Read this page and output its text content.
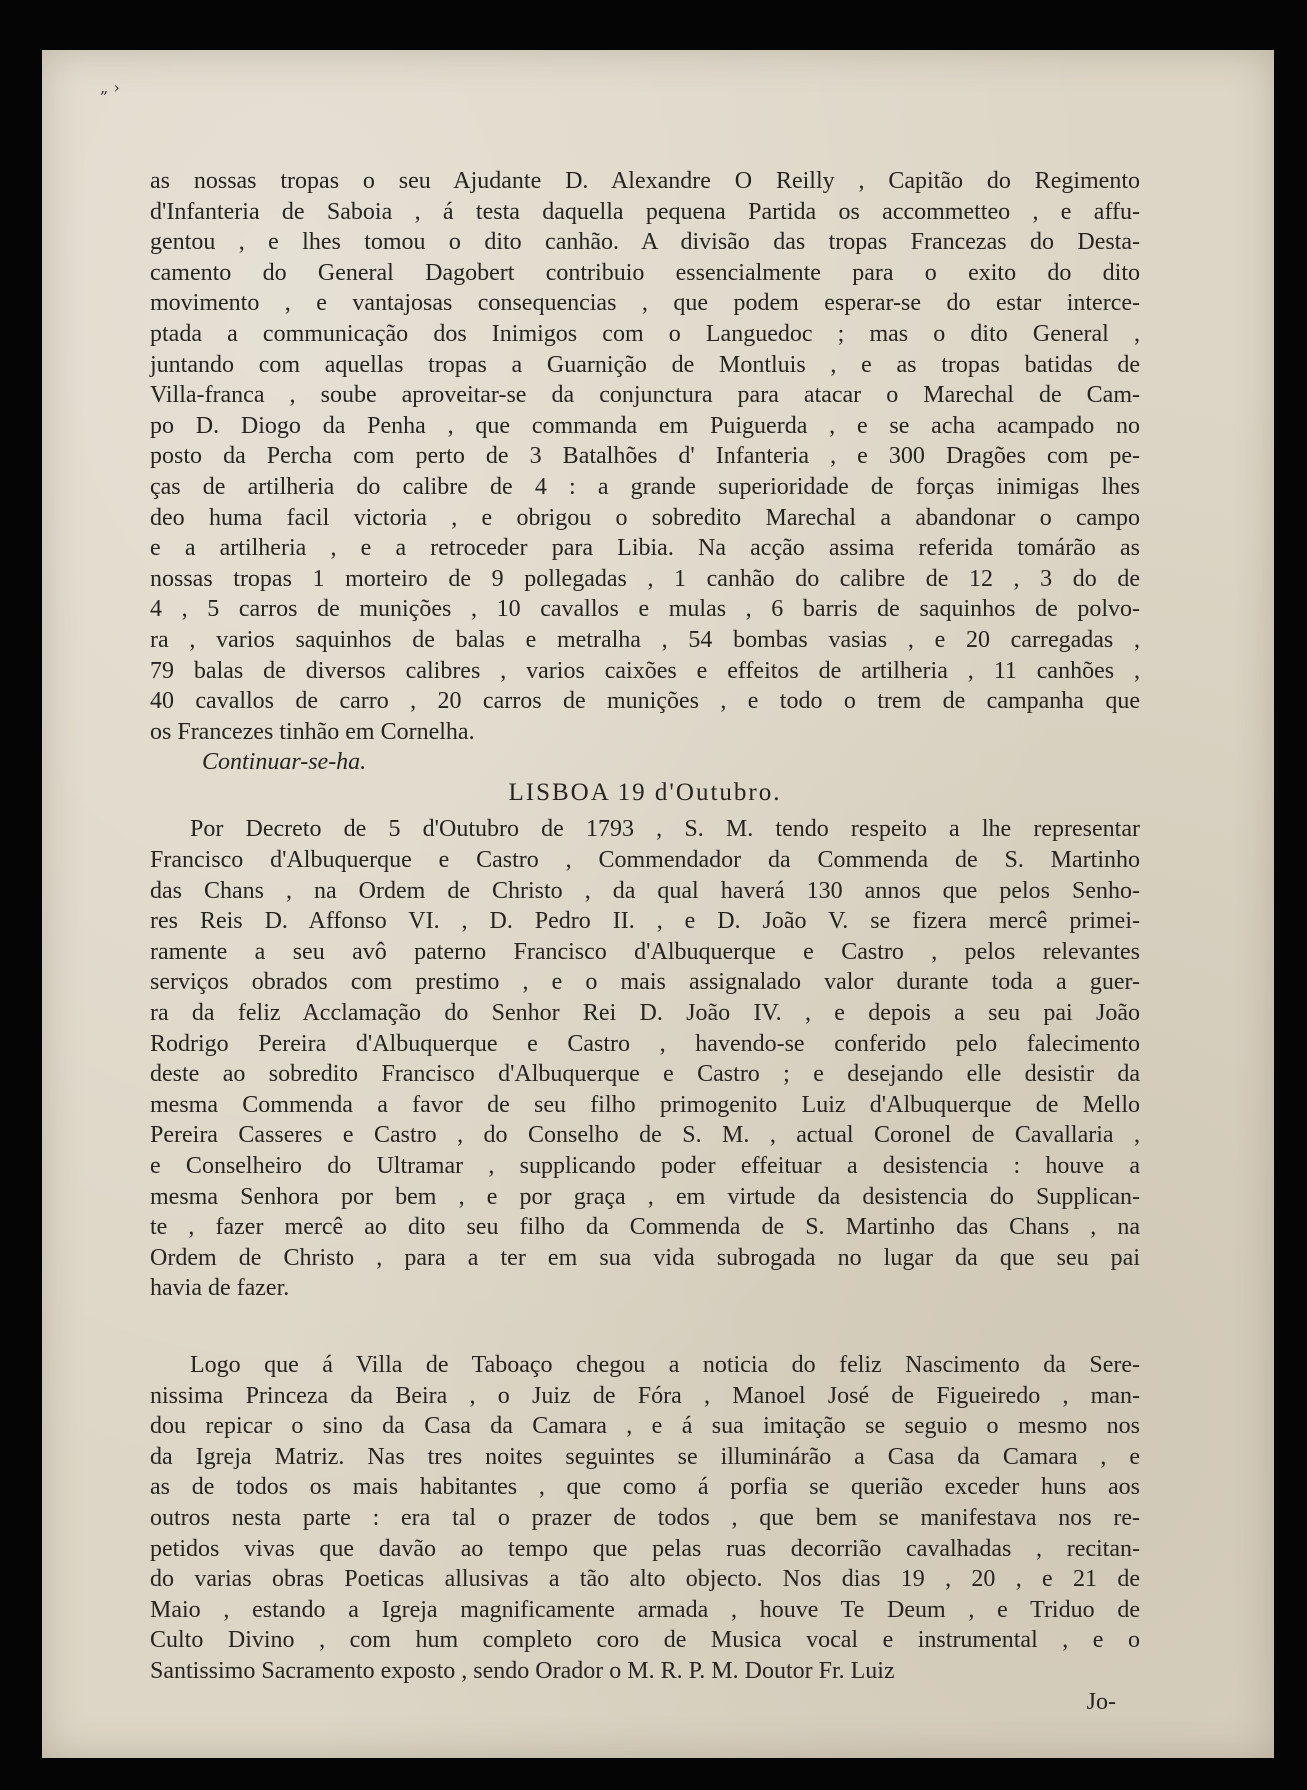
„ ›

as nossas tropas o seu Ajudante D. Alexandre O Reilly , Capitão do Regimento
d'Infanteria de Saboia , á testa daquella pequena Partida os accommetteo , e affu-
gentou , e lhes tomou o dito canhão. A divisão das tropas Francezas do Desta-
camento do General Dagobert contribuio essencialmente para o exito do dito
movimento , e vantajosas consequencias , que podem esperar-se do estar interce-
ptada a communicação dos Inimigos com o Languedoc ; mas o dito General ,
juntando com aquellas tropas a Guarnição de Montluis , e as tropas batidas de
Villa-franca , soube aproveitar-se da conjunctura para atacar o Marechal de Cam-
po D. Diogo da Penha , que commanda em Puiguerda , e se acha acampado no
posto da Percha com perto de 3 Batalhões d' Infanteria , e 300 Dragões com pe-
ças de artilheria do calibre de 4 : a grande superioridade de forças inimigas lhes
deo huma facil victoria , e obrigou o sobredito Marechal a abandonar o campo
e a artilheria , e a retroceder para Libia. Na acção assima referida tomárão as
nossas tropas 1 morteiro de 9 pollegadas , 1 canhão do calibre de 12 , 3 do de
4 , 5 carros de munições , 10 cavallos e mulas , 6 barris de saquinhos de polvo-
ra , varios saquinhos de balas e metralha , 54 bombas vasias , e 20 carregadas ,
79 balas de diversos calibres , varios caixões e effeitos de artilheria , 11 canhões ,
40 cavallos de carro , 20 carros de munições , e todo o trem de campanha que
os Francezes tinhão em Cornelha.

Continuar-se-ha.

LISBOA 19 d'Outubro.

Por Decreto de 5 d'Outubro de 1793 , S. M. tendo respeito a lhe representar
Francisco d'Albuquerque e Castro , Commendador da Commenda de S. Martinho
das Chans , na Ordem de Christo , da qual haverá 130 annos que pelos Senho-
res Reis D. Affonso VI. , D. Pedro II. , e D. João V. se fizera mercê primei-
ramente a seu avô paterno Francisco d'Albuquerque e Castro , pelos relevantes
serviços obrados com prestimo , e o mais assignalado valor durante toda a guer-
ra da feliz Acclamação do Senhor Rei D. João IV. , e depois a seu pai João
Rodrigo Pereira d'Albuquerque e Castro , havendo-se conferido pelo falecimento
deste ao sobredito Francisco d'Albuquerque e Castro ; e desejando elle desistir da
mesma Commenda a favor de seu filho primogenito Luiz d'Albuquerque de Mello
Pereira Casseres e Castro , do Conselho de S. M. , actual Coronel de Cavallaria ,
e Conselheiro do Ultramar , supplicando poder effeituar a desistencia : houve a
mesma Senhora por bem , e por graça , em virtude da desistencia do Supplican-
te , fazer mercê ao dito seu filho da Commenda de S. Martinho das Chans , na
Ordem de Christo , para a ter em sua vida subrogada no lugar da que seu pai
havia de fazer.

Logo que á Villa de Taboaço chegou a noticia do feliz Nascimento da Sere-
nissima Princeza da Beira , o Juiz de Fóra , Manoel José de Figueiredo , man-
dou repicar o sino da Casa da Camara , e á sua imitação se seguio o mesmo nos
da Igreja Matriz. Nas tres noites seguintes se illuminárão a Casa da Camara , e
as de todos os mais habitantes , que como á porfia se querião exceder huns aos
outros nesta parte : era tal o prazer de todos , que bem se manifestava nos re-
petidos vivas que davão ao tempo que pelas ruas decorrião cavalhadas , recitan-
do varias obras Poeticas allusivas a tão alto objecto. Nos dias 19 , 20 , e 21 de
Maio , estando a Igreja magnificamente armada , houve Te Deum , e Triduo de
Culto Divino , com hum completo coro de Musica vocal e instrumental , e o
Santissimo Sacramento exposto , sendo Orador o M. R. P. M. Doutor Fr. Luiz

Jo-
